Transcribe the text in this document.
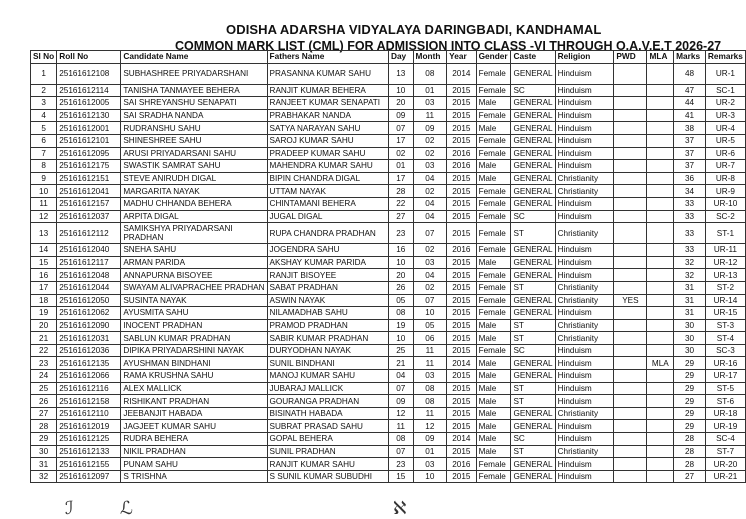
ODISHA ADARSHA VIDYALAYA DARINGBADI, KANDHAMAL
COMMON MARK LIST (CML) FOR ADMISSION INTO CLASS -VI THROUGH O.A.V.E.T 2026-27
Sl No	Roll No	Candidate Name	Fathers Name	Day	Month	Year	Gender	Caste	Religion	PWD	MLA	Marks	Remarks
1	25161612108	SUBHASHREE PRIYADARSHANI	PRASANNA KUMAR SAHU	13	08	2014	Female	GENERAL	Hinduism			48	UR-1
2	25161612114	TANISHA TANMAYEE BEHERA	RANJIT KUMAR BEHERA	10	01	2015	Female	SC	Hinduism			47	SC-1
3	25161612005	SAI SHREYANSHU SENAPATI	RANJEET KUMAR SENAPATI	20	03	2015	Male	GENERAL	Hinduism			44	UR-2
4	25161612130	SAI SRADHA NANDA	PRABHAKAR NANDA	09	11	2015	Female	GENERAL	Hinduism			41	UR-3
5	25161612001	RUDRANSHU SAHU	SATYA NARAYAN SAHU	07	09	2015	Male	GENERAL	Hinduism			38	UR-4
6	25161612101	SHINESHREE SAHU	SAROJ KUMAR SAHU	17	02	2015	Female	GENERAL	Hinduism			37	UR-5
7	25161612095	ARUSI PRIYADARSANI SAHU	PRADEEP KUMAR SAHU	02	02	2016	Female	GENERAL	Hinduism			37	UR-6
8	25161612175	SWASTIK SAMRAT SAHU	MAHENDRA KUMAR SAHU	01	03	2016	Male	GENERAL	Hinduism			37	UR-7
9	25161612151	STEVE ANIRUDH DIGAL	BIPIN CHANDRA DIGAL	17	04	2015	Male	GENERAL	Christianity			36	UR-8
10	25161612041	MARGARITA NAYAK	UTTAM NAYAK	28	02	2015	Female	GENERAL	Christianity			34	UR-9
11	25161612157	MADHU CHHANDA BEHERA	CHINTAMANI BEHERA	22	04	2015	Female	GENERAL	Hinduism			33	UR-10
12	25161612037	ARPITA DIGAL	JUGAL DIGAL	27	04	2015	Female	SC	Hinduism			33	SC-2
13	25161612112	SAMIKSHYA PRIYADARSANI PRADHAN	RUPA CHANDRA PRADHAN	23	07	2015	Female	ST	Christianity			33	ST-1
14	25161612040	SNEHA SAHU	JOGENDRA SAHU	16	02	2016	Female	GENERAL	Hinduism			33	UR-11
15	25161612117	ARMAN PARIDA	AKSHAY KUMAR PARIDA	10	03	2015	Male	GENERAL	Hinduism			32	UR-12
16	25161612048	ANNAPURNA BISOYEE	RANJIT BISOYEE	20	04	2015	Female	GENERAL	Hinduism			32	UR-13
17	25161612044	SWAYAM ALIVAPRACHEE PRADHAN	SABAT PRADHAN	26	02	2015	Female	ST	Christianity			31	ST-2
18	25161612050	SUSINTA NAYAK	ASWIN NAYAK	05	07	2015	Female	GENERAL	Christianity	YES		31	UR-14
19	25161612062	AYUSMITA SAHU	NILAMADHAB SAHU	08	10	2015	Female	GENERAL	Hinduism			31	UR-15
20	25161612090	INOCENT PRADHAN	PRAMOD PRADHAN	19	05	2015	Male	ST	Christianity			30	ST-3
21	25161612031	SABLUN KUMAR PRADHAN	SABIR KUMAR PRADHAN	10	06	2015	Male	ST	Christianity			30	ST-4
22	25161612036	DIPIKA PRIYADARSHINI NAYAK	DURYODHAN NAYAK	25	11	2015	Female	SC	Hinduism			30	SC-3
23	25161612135	AYUSHMAN BINDHANI	SUNIL BINDHANI	21	11	2014	Male	GENERAL	Hinduism		MLA	29	UR-16
24	25161612066	RAMA KRUSHNA SAHU	MANOJ KUMAR SAHU	04	03	2015	Male	GENERAL	Hinduism			29	UR-17
25	25161612116	ALEX MALLICK	JUBARAJ MALLICK	07	08	2015	Male	ST	Hinduism			29	ST-5
26	25161612158	RISHIKANT PRADHAN	GOURANGA PRADHAN	09	08	2015	Male	ST	Hinduism			29	ST-6
27	25161612110	JEEBANJIT HABADA	BISINATH HABADA	12	11	2015	Male	GENERAL	Christianity			29	UR-18
28	25161612019	JAGJEET KUMAR SAHU	SUBRAT PRASAD SAHU	11	12	2015	Male	GENERAL	Hinduism			29	UR-19
29	25161612125	RUDRA BEHERA	GOPAL BEHERA	08	09	2014	Male	SC	Hinduism			28	SC-4
30	25161612133	NIKIL PRADHAN	SUNIL PRADHAN	07	01	2015	Male	ST	Christianity			28	ST-7
31	25161612155	PUNAM SAHU	RANJIT KUMAR SAHU	23	03	2016	Female	GENERAL	Hinduism			28	UR-20
32	25161612097	S TRISHNA	S SUNIL KUMAR SUBUDHI	15	10	2015	Female	GENERAL	Hinduism			27	UR-21
ℐ	ℒ	ℵ
